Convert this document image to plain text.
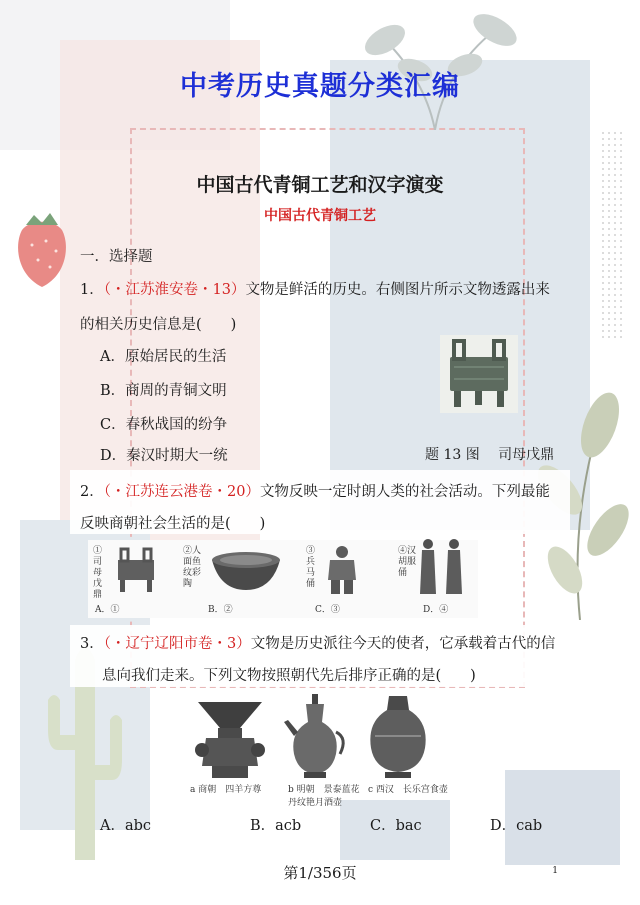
中考历史真题分类汇编
中国古代青铜工艺和汉字演变
中国古代青铜工艺
一．选择题
1．（・江苏淮安卷・13）文物是鲜活的历史。右侧图片所示文物透露出来
的相关历史信息是(　　)
A．原始居民的生活
B．商周的青铜文明
C．春秋战国的纷争
D．秦汉时期大一统	题 13 图　 司母戊鼎
2．（・江苏连云港卷・20）文物反映一定时朗人类的社会活动。下列最能
反映商朝社会生活的是(　　)
①司母戊鼎
②人面鱼纹彩陶
③兵马俑
④汉 胡服俑
A．①	B．②	C．③	D．④
3．（・辽宁辽阳市卷・3）文物是历史派往今天的使者，它承载着古代的信
息向我们走来。下列文物按照朝代先后排序正确的是(　　)
a 商朝　四羊方尊	b 明朝　景泰蓝花
丹纹艳月酒壶
c 西汉　长乐宫食壶
A．abc	B．acb	C．bac	D．cab
第1/356页	1
